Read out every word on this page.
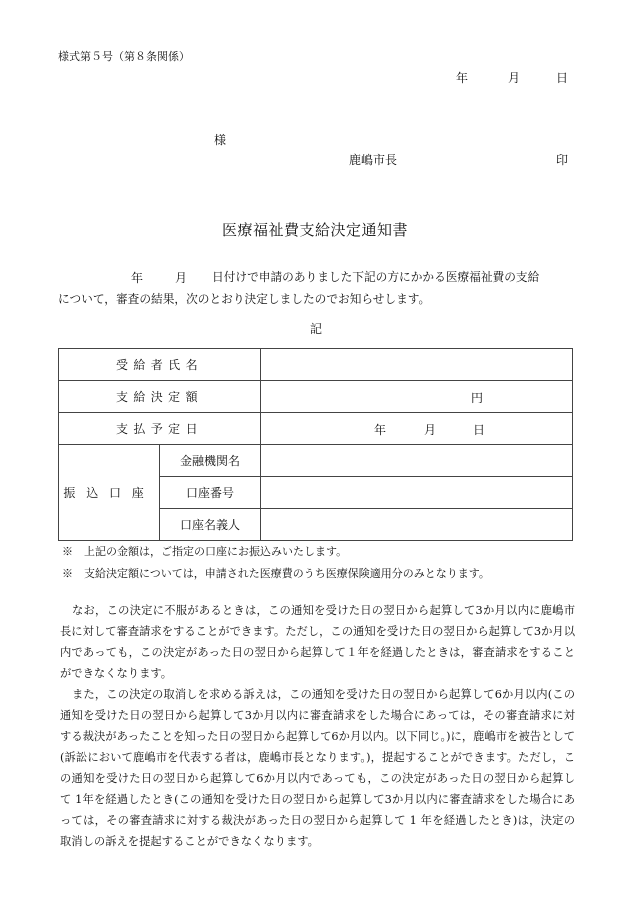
様式第５号（第８条関係）
年	月	日
様
鹿嶋市長	印
医療福祉費支給決定通知書
年	月 日付けで申請のありました下記の方にかかる医療福祉費の支給
について，審査の結果，次のとおり決定しましたのでお知らせします。
記
受給者氏名		
支給決定額		円

支払予定日		年 月 日

振込口座	金融機関名	
	口座番号	
	口座名義人	
※　上記の金額は，ご指定の口座にお振込みいたします。
※　支給決定額については，申請された医療費のうち医療保険適用分のみとなります。
なお，この決定に不服があるときは，この通知を受けた日の翌日から起算して3か月以内に鹿嶋市長に対して審査請求をすることができます。ただし，この通知を受けた日の翌日から起算して3か月以内であっても，この決定があった日の翌日から起算して１年を経過したときは，審査請求をすることができなくなります。
また，この決定の取消しを求める訴えは，この通知を受けた日の翌日から起算して6か月以内(この通知を受けた日の翌日から起算して3か月以内に審査請求をした場合にあっては，その審査請求に対する裁決があったことを知った日の翌日から起算して6か月以内。以下同じ。)に，鹿嶋市を被告として(訴訟において鹿嶋市を代表する者は，鹿嶋市長となります。)，提起することができます。ただし，この通知を受けた日の翌日から起算して6か月以内であっても，この決定があった日の翌日から起算して 1年を経過したとき(この通知を受けた日の翌日から起算して3か月以内に審査請求をした場合にあっては，その審査請求に対する裁決があった日の翌日から起算して 1 年を経過したとき)は，決定の取消しの訴えを提起することができなくなります。
